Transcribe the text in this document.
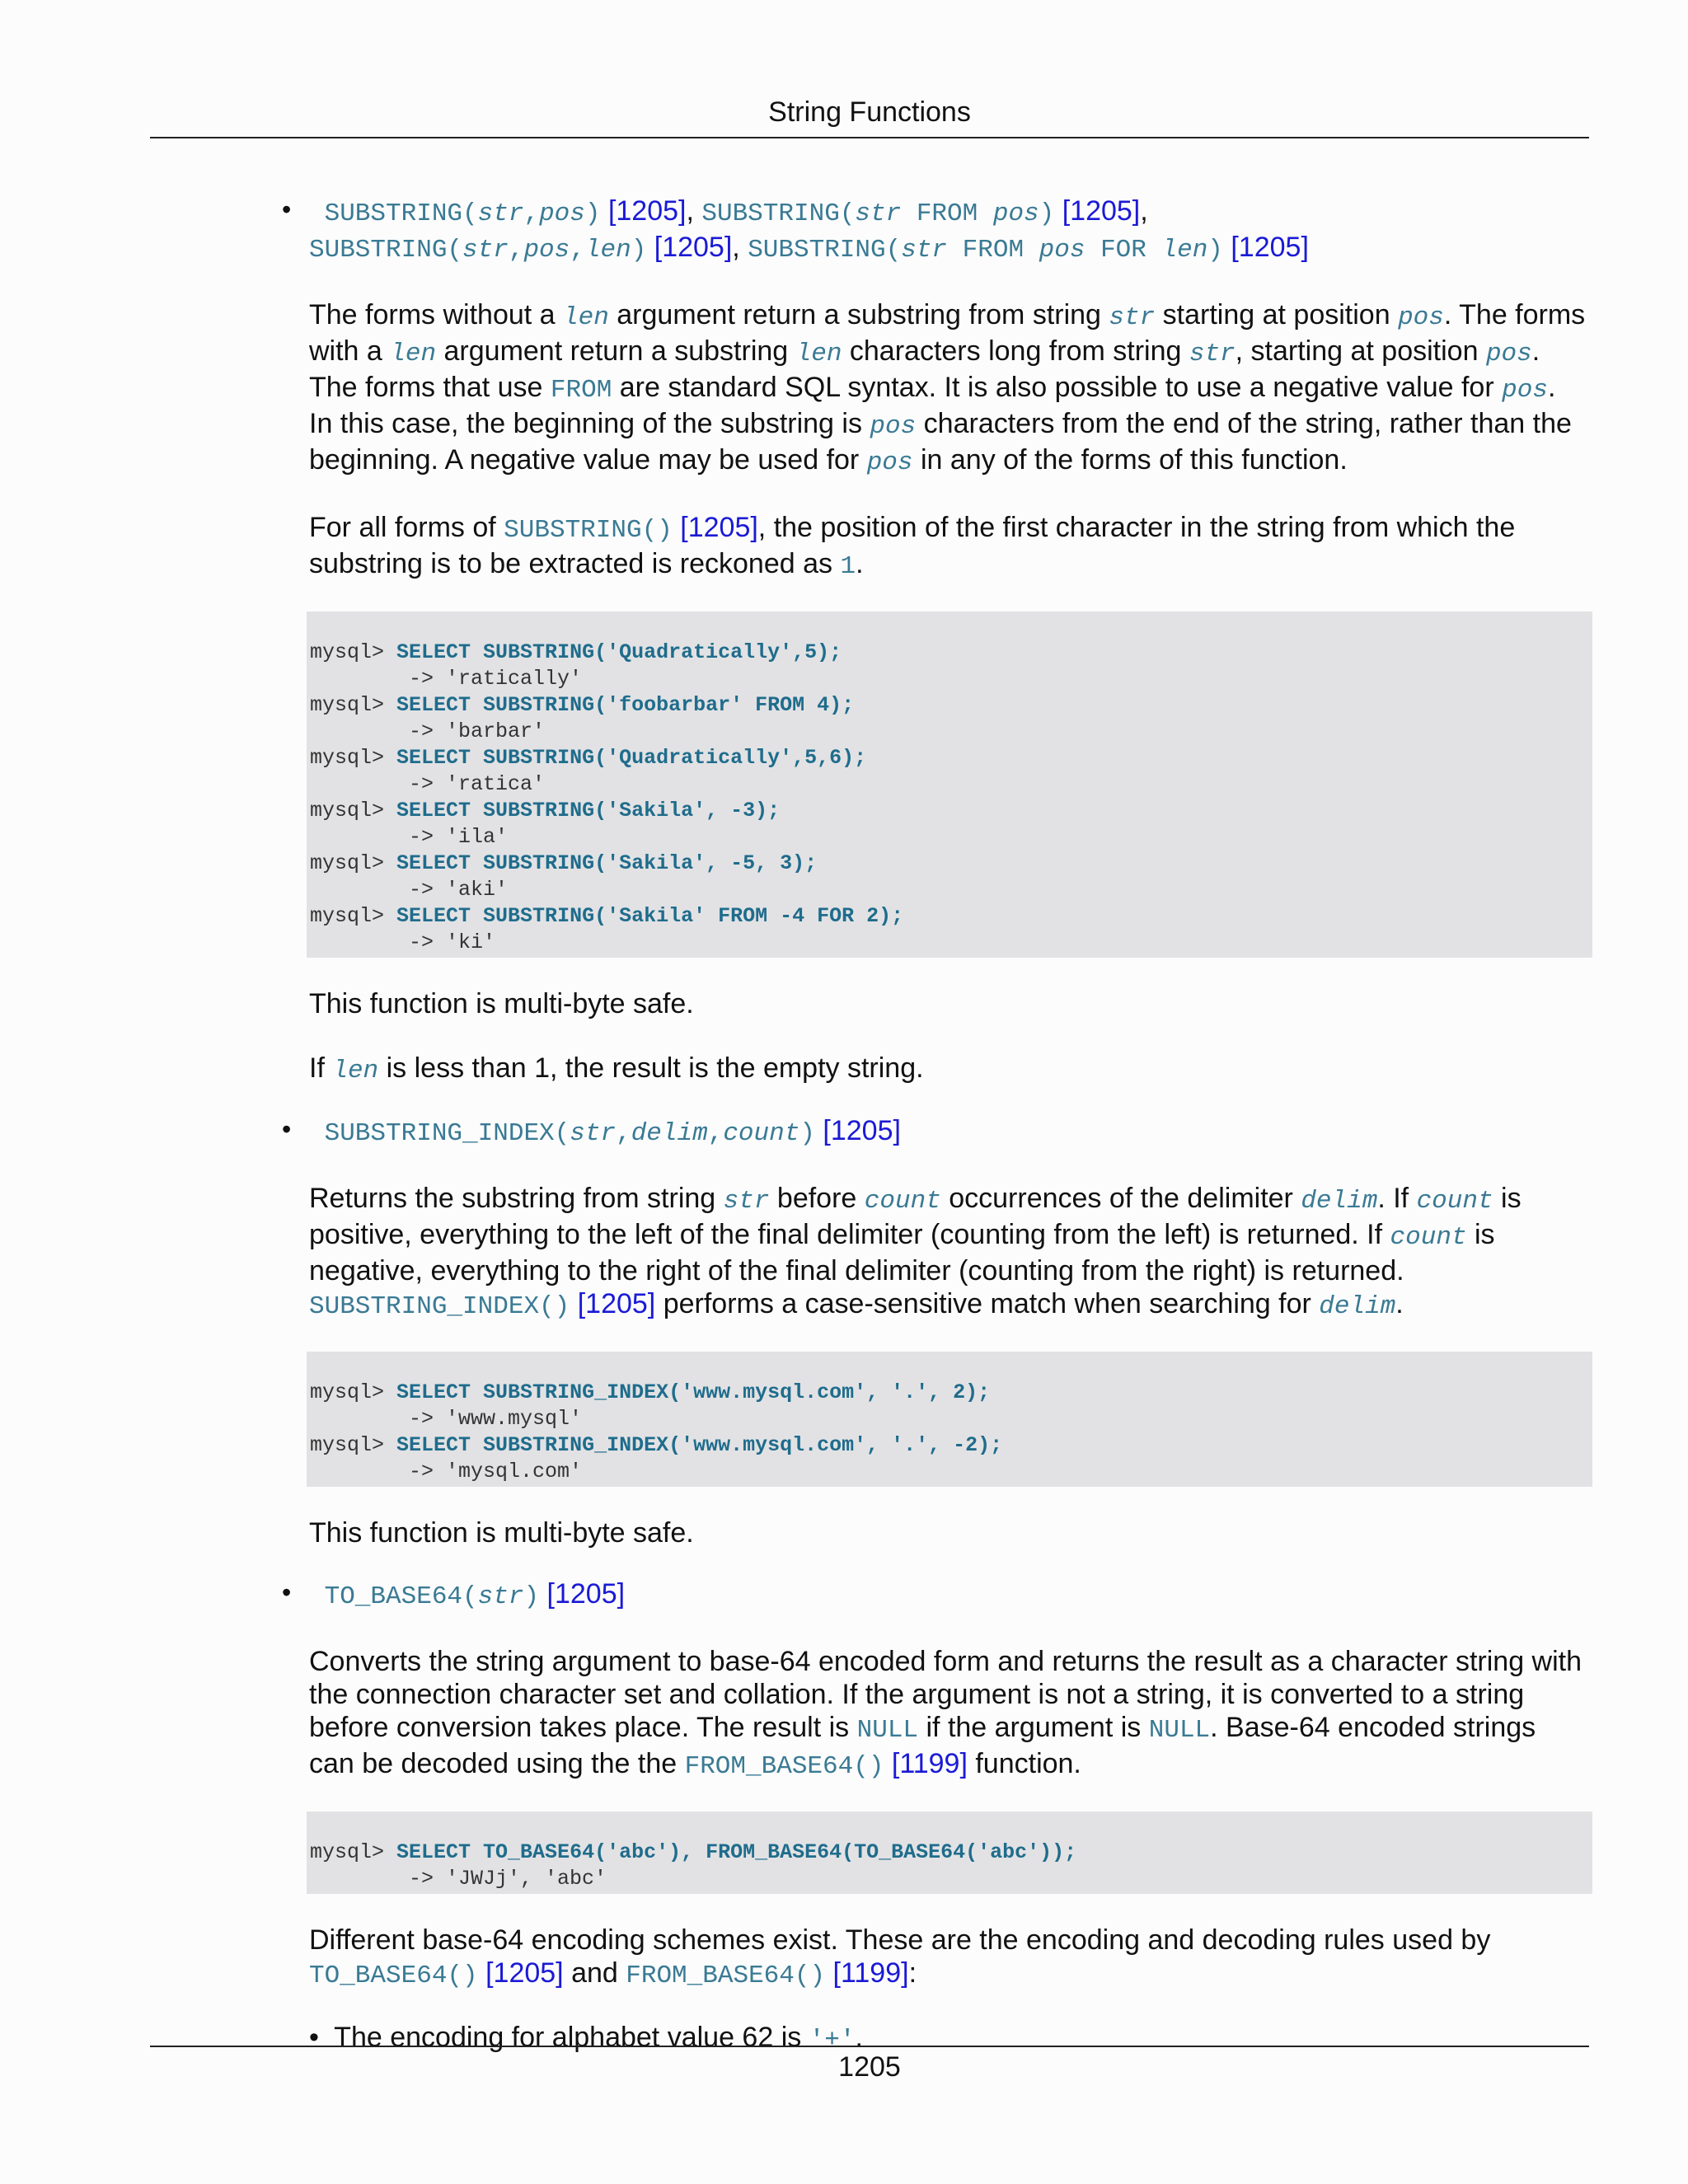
String Functions
• SUBSTRING(str,pos) [1205], SUBSTRING(str FROM pos) [1205],
SUBSTRING(str,pos,len) [1205], SUBSTRING(str FROM pos FOR len) [1205]
The forms without a len argument return a substring from string str starting at position pos. The forms with a len argument return a substring len characters long from string str, starting at position pos. The forms that use FROM are standard SQL syntax. It is also possible to use a negative value for pos. In this case, the beginning of the substring is pos characters from the end of the string, rather than the beginning. A negative value may be used for pos in any of the forms of this function.
For all forms of SUBSTRING() [1205], the position of the first character in the string from which the substring is to be extracted is reckoned as 1.
mysql> SELECT SUBSTRING('Quadratically',5);
-> 'ratically'
mysql> SELECT SUBSTRING('foobarbar' FROM 4);
-> 'barbar'
mysql> SELECT SUBSTRING('Quadratically',5,6);
-> 'ratica'
mysql> SELECT SUBSTRING('Sakila', -3);
-> 'ila'
mysql> SELECT SUBSTRING('Sakila', -5, 3);
-> 'aki'
mysql> SELECT SUBSTRING('Sakila' FROM -4 FOR 2);
-> 'ki'
This function is multi-byte safe.
If len is less than 1, the result is the empty string.
• SUBSTRING_INDEX(str,delim,count) [1205]
Returns the substring from string str before count occurrences of the delimiter delim. If count is positive, everything to the left of the final delimiter (counting from the left) is returned. If count is negative, everything to the right of the final delimiter (counting from the right) is returned. SUBSTRING_INDEX() [1205] performs a case-sensitive match when searching for delim.
mysql> SELECT SUBSTRING_INDEX('www.mysql.com', '.', 2);
-> 'www.mysql'
mysql> SELECT SUBSTRING_INDEX('www.mysql.com', '.', -2);
-> 'mysql.com'
This function is multi-byte safe.
• TO_BASE64(str) [1205]
Converts the string argument to base-64 encoded form and returns the result as a character string with the connection character set and collation. If the argument is not a string, it is converted to a string before conversion takes place. The result is NULL if the argument is NULL. Base-64 encoded strings can be decoded using the the FROM_BASE64() [1199] function.
mysql> SELECT TO_BASE64('abc'), FROM_BASE64(TO_BASE64('abc'));
-> 'JWJj', 'abc'
Different base-64 encoding schemes exist. These are the encoding and decoding rules used by TO_BASE64() [1205] and FROM_BASE64() [1199]:
•  The encoding for alphabet value 62 is '+'.
1205
